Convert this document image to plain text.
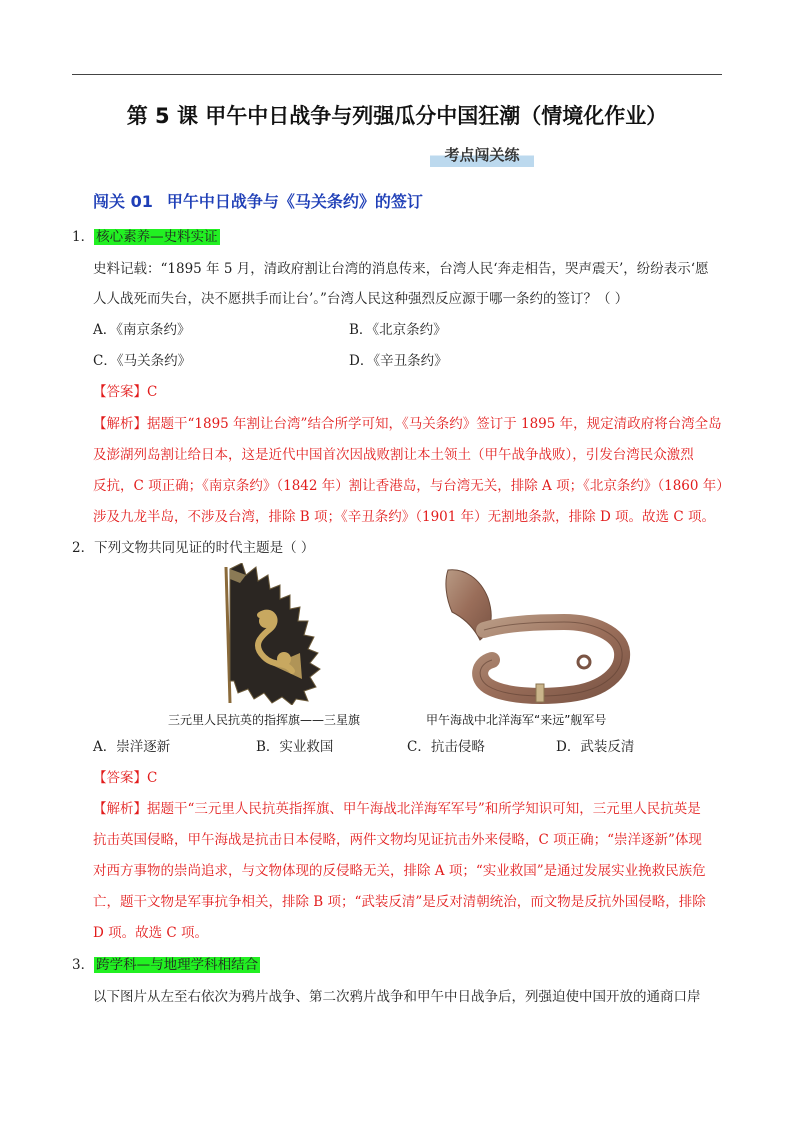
第 5 课 甲午中日战争与列强瓜分中国狂潮（情境化作业）
考点闯关练
闯关 01 甲午中日战争与《马关条约》的签订
1． 核心素养—史料实证
史料记载：“1895 年 5 月，清政府割让台湾的消息传来，台湾人民‘奔走相告，哭声震天’，纷纷表示‘愿
人人战死而失台，决不愿拱手而让台’。”台湾人民这种强烈反应源于哪一条约的签订？（ ）
A．《南京条约》	B．《北京条约》
C．《马关条约》	D．《辛丑条约》
【答案】C
【解析】据题干“1895 年割让台湾”结合所学可知，《马关条约》签订于 1895 年，规定清政府将台湾全岛
及澎湖列岛割让给日本，这是近代中国首次因战败割让本土领土（甲午战争战败），引发台湾民众激烈
反抗，C 项正确；《南京条约》（1842 年）割让香港岛，与台湾无关，排除 A 项；《北京条约》（1860 年）
涉及九龙半岛，不涉及台湾，排除 B 项；《辛丑条约》（1901 年）无割地条款，排除 D 项。故选 C 项。
2．下列文物共同见证的时代主题是（ ）
三元里人民抗英的指挥旗——三星旗	甲午海战中北洋海军“来远”舰军号
A．崇洋逐新	B．实业救国	C．抗击侵略	D．武装反清
【答案】C
【解析】据题干“三元里人民抗英指挥旗、甲午海战北洋海军军号”和所学知识可知，三元里人民抗英是
抗击英国侵略，甲午海战是抗击日本侵略，两件文物均见证抗击外来侵略，C 项正确；“崇洋逐新”体现
对西方事物的崇尚追求，与文物体现的反侵略无关，排除 A 项；“实业救国”是通过发展实业挽救民族危
亡，题干文物是军事抗争相关，排除 B 项；“武装反清”是反对清朝统治，而文物是反抗外国侵略，排除
D 项。故选 C 项。
3． 跨学科—与地理学科相结合
以下图片从左至右依次为鸦片战争、第二次鸦片战争和甲午中日战争后，列强迫使中国开放的通商口岸
